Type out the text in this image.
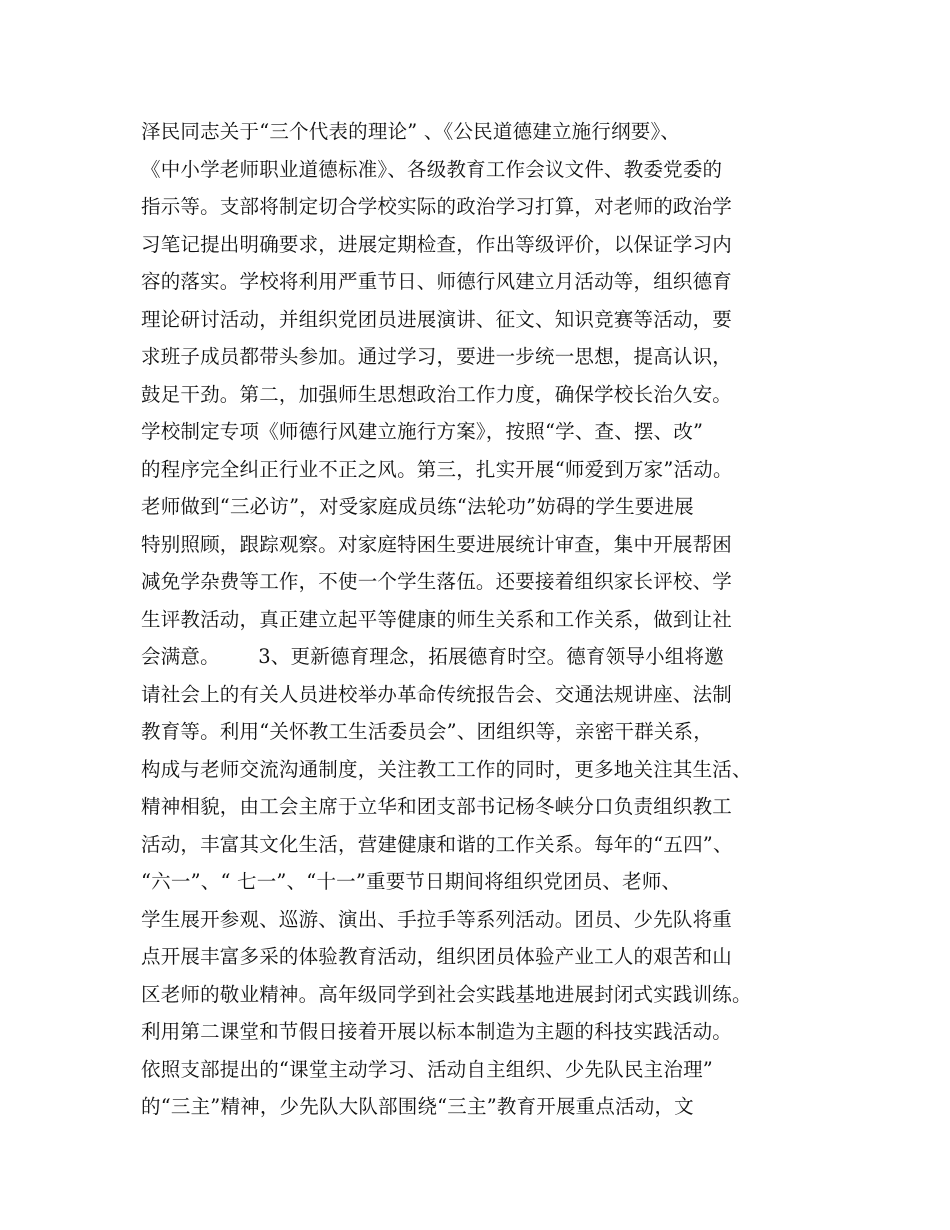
泽民同志关于“三个代表的理论” 、《公民道德建立施行纲要》、
《中小学老师职业道德标准》、各级教育工作会议文件、教委党委的
指示等。支部将制定切合学校实际的政治学习打算，对老师的政治学
习笔记提出明确要求，进展定期检查，作出等级评价，以保证学习内
容的落实。学校将利用严重节日、师德行风建立月活动等，组织德育
理论研讨活动，并组织党团员进展演讲、征文、知识竞赛等活动，要
求班子成员都带头参加。通过学习，要进一步统一思想，提高认识，
鼓足干劲。第二，加强师生思想政治工作力度，确保学校长治久安。
学校制定专项《师德行风建立施行方案》，按照“学、查、摆、改”
的程序完全纠正行业不正之风。第三，扎实开展“师爱到万家”活动。
老师做到“三必访”，对受家庭成员练“法轮功”妨碍的学生要进展
特别照顾，跟踪观察。对家庭特困生要进展统计审查，集中开展帮困
减免学杂费等工作，不使一个学生落伍。还要接着组织家长评校、学
生评教活动，真正建立起平等健康的师生关系和工作关系，做到让社
会满意。      3、更新德育理念，拓展德育时空。德育领导小组将邀
请社会上的有关人员进校举办革命传统报告会、交通法规讲座、法制
教育等。利用“关怀教工生活委员会”、团组织等，亲密干群关系，
构成与老师交流沟通制度，关注教工工作的同时，更多地关注其生活、
精神相貌，由工会主席于立华和团支部书记杨冬峡分口负责组织教工
活动，丰富其文化生活，营建健康和谐的工作关系。每年的“五四”、
“六一”、“ 七一”、“十一”重要节日期间将组织党团员、老师、
学生展开参观、巡游、演出、手拉手等系列活动。团员、少先队将重
点开展丰富多采的体验教育活动，组织团员体验产业工人的艰苦和山
区老师的敬业精神。高年级同学到社会实践基地进展封闭式实践训练。
利用第二课堂和节假日接着开展以标本制造为主题的科技实践活动。
依照支部提出的“课堂主动学习、活动自主组织、少先队民主治理”
的“三主”精神，少先队大队部围绕“三主”教育开展重点活动，文
